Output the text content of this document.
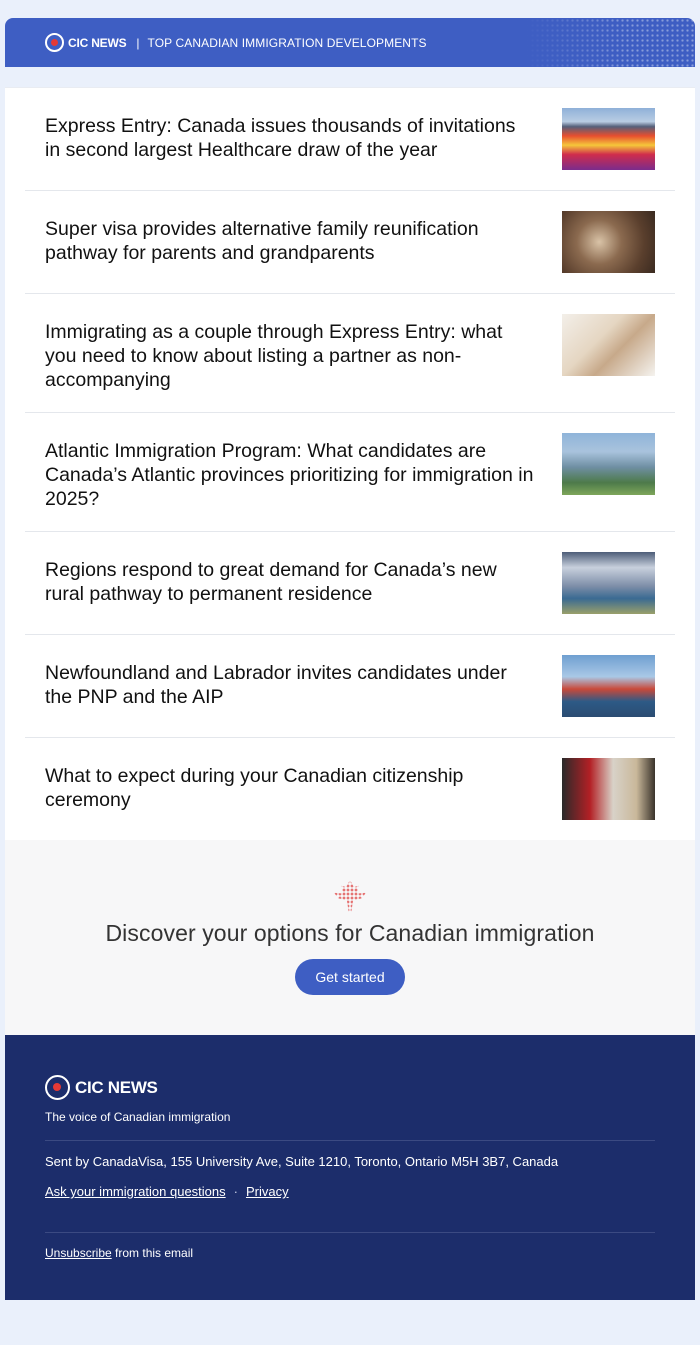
CIC NEWS | TOP CANADIAN IMMIGRATION DEVELOPMENTS
Express Entry: Canada issues thousands of invitations in second largest Healthcare draw of the year
Super visa provides alternative family reunification pathway for parents and grandparents
Immigrating as a couple through Express Entry: what you need to know about listing a partner as non-accompanying
Atlantic Immigration Program: What candidates are Canada’s Atlantic provinces prioritizing for immigration in 2025?
Regions respond to great demand for Canada’s new rural pathway to permanent residence
Newfoundland and Labrador invites candidates under the PNP and the AIP
What to expect during your Canadian citizenship ceremony
Discover your options for Canadian immigration
Get started
CIC NEWS
The voice of Canadian immigration
Sent by CanadaVisa, 155 University Ave, Suite 1210, Toronto, Ontario M5H 3B7, Canada
Ask your immigration questions · Privacy
Unsubscribe from this email
